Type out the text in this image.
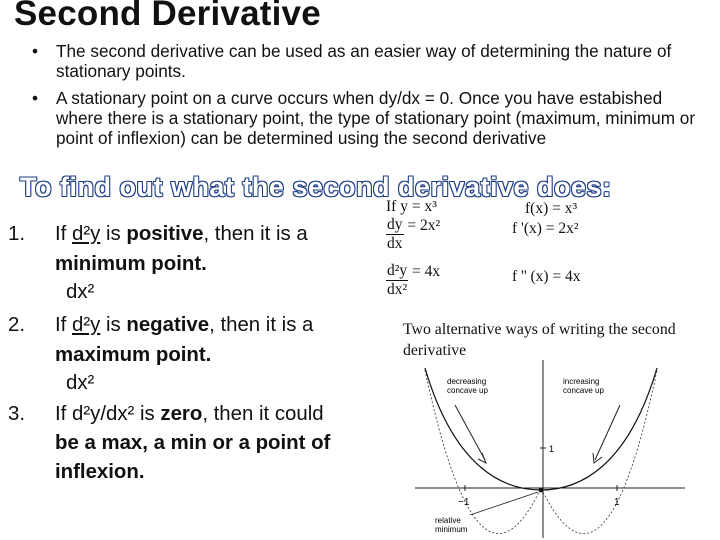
Second Derivative
• The second derivative can be used as an easier way of determining the nature of stationary points.
• A stationary point on a curve occurs when dy/dx = 0. Once you have estabished where there is a stationary point, the type of stationary point (maximum, minimum or point of inflexion) can be determined using the second derivative
To find out what the second derivative does:
1. If d²y is positive, then it is a
minimum point.
dx²
2. If d²y is negative, then it is a
maximum point.
dx²
3. If d²y/dx² is zero, then it could
be a max, a min or a point of
inflexion.
If y = x³
$\frac{dy}{dx} = 2x^2$
$\frac{\text{d²y}}{\text{dx²}} = 4x$
f(x) = x³
f '(x) = 2x²
f '' (x) = 4x
Two alternative ways of writing the second derivative
decreasing
concave up
increasing
concave up
1
−1	1
relative
minimum
